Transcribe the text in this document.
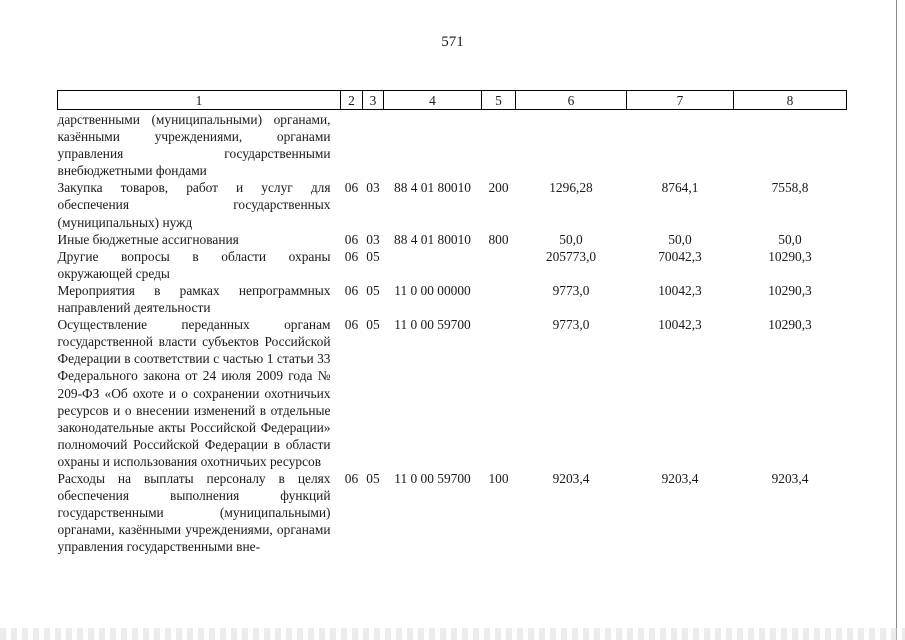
571
1	2	3	4	5	6	7	8
дарственными (муниципальными) органами, казёнными учреждениями, органами управления государственными внебюджетными фондами							
Закупка товаров, работ и услуг для обеспечения государственных (муниципальных) нужд	06	03	88 4 01 80010	200	1296,28	8764,1	7558,8
Иные бюджетные ассигнования	06	03	88 4 01 80010	800	50,0	50,0	50,0
Другие вопросы в области охраны окружающей среды	06	05			205773,0	70042,3	10290,3
Мероприятия в рамках непрограммных направлений деятельности	06	05	11 0 00 00000		9773,0	10042,3	10290,3
Осуществление переданных органам государственной власти субъектов Российской Федерации в соответствии с частью 1 статьи 33 Федерального закона от 24 июля 2009 года № 209-ФЗ «Об охоте и о сохранении охотничьих ресурсов и о внесении изменений в отдельные законодательные акты Российской Федерации» полномочий Российской Федерации в области охраны и использования охотничьих ресурсов	06	05	11 0 00 59700		9773,0	10042,3	10290,3
Расходы на выплаты персоналу в целях обеспечения выполнения функций государственными (муниципальными) органами, казёнными учреждениями, органами управления государственными вне-	06	05	11 0 00 59700	100	9203,4	9203,4	9203,4
